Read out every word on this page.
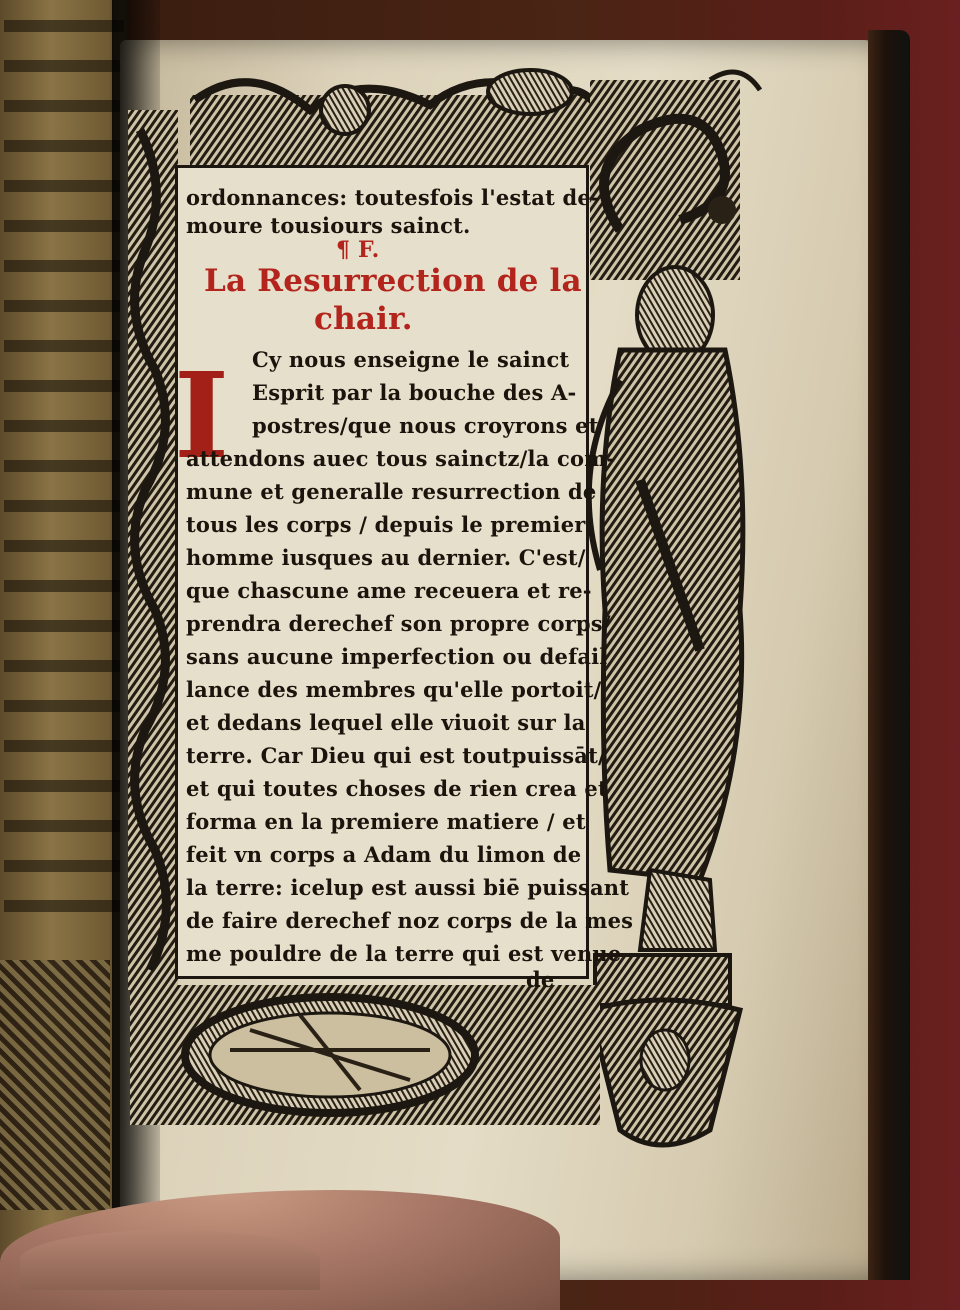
ordonnances: toutesfois l'estat de-
moure tousiours sainct.
¶ F.
La Resurrection de la
chair.
I Cy nous enseigne le sainct
Esprit par la bouche des A-
postres/que nous croyrons et
attendons auec tous sainctz/la com-
mune et generalle resurrection de
tous les corps / depuis le premier
homme iusques au dernier. C'est/
que chascune ame receuera et re-
prendra derechef son propre corps/
sans aucune imperfection ou defail
lance des membres qu'elle portoit/
et dedans lequel elle viuoit sur la
terre. Car Dieu qui est toutpuissāt/
et qui toutes choses de rien crea et
forma en la premiere matiere / et
feit vn corps a Adam du limon de
la terre: icelup est aussi biē puissant
de faire derechef noz corps de la mes
me pouldre de la terre qui est venue
de
